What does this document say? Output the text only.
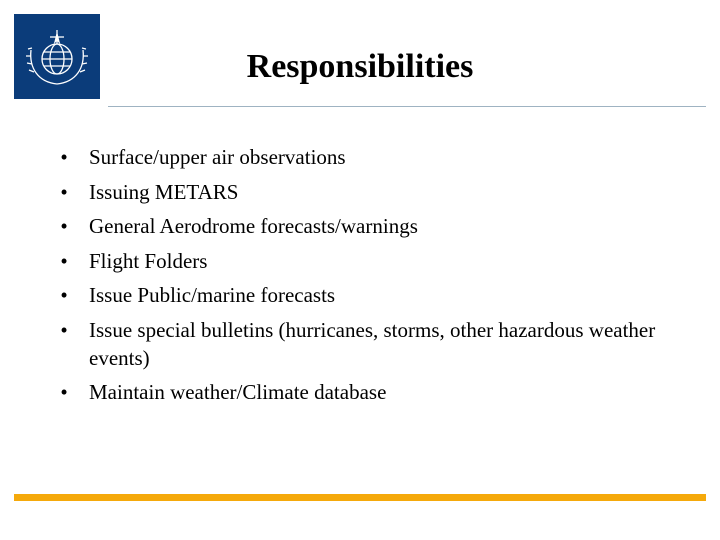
Responsibilities
• Surface/upper air observations
• Issuing METARS
• General Aerodrome forecasts/warnings
• Flight Folders
• Issue Public/marine forecasts
• Issue special bulletins (hurricanes, storms, other hazardous weather events)
• Maintain weather/Climate database
